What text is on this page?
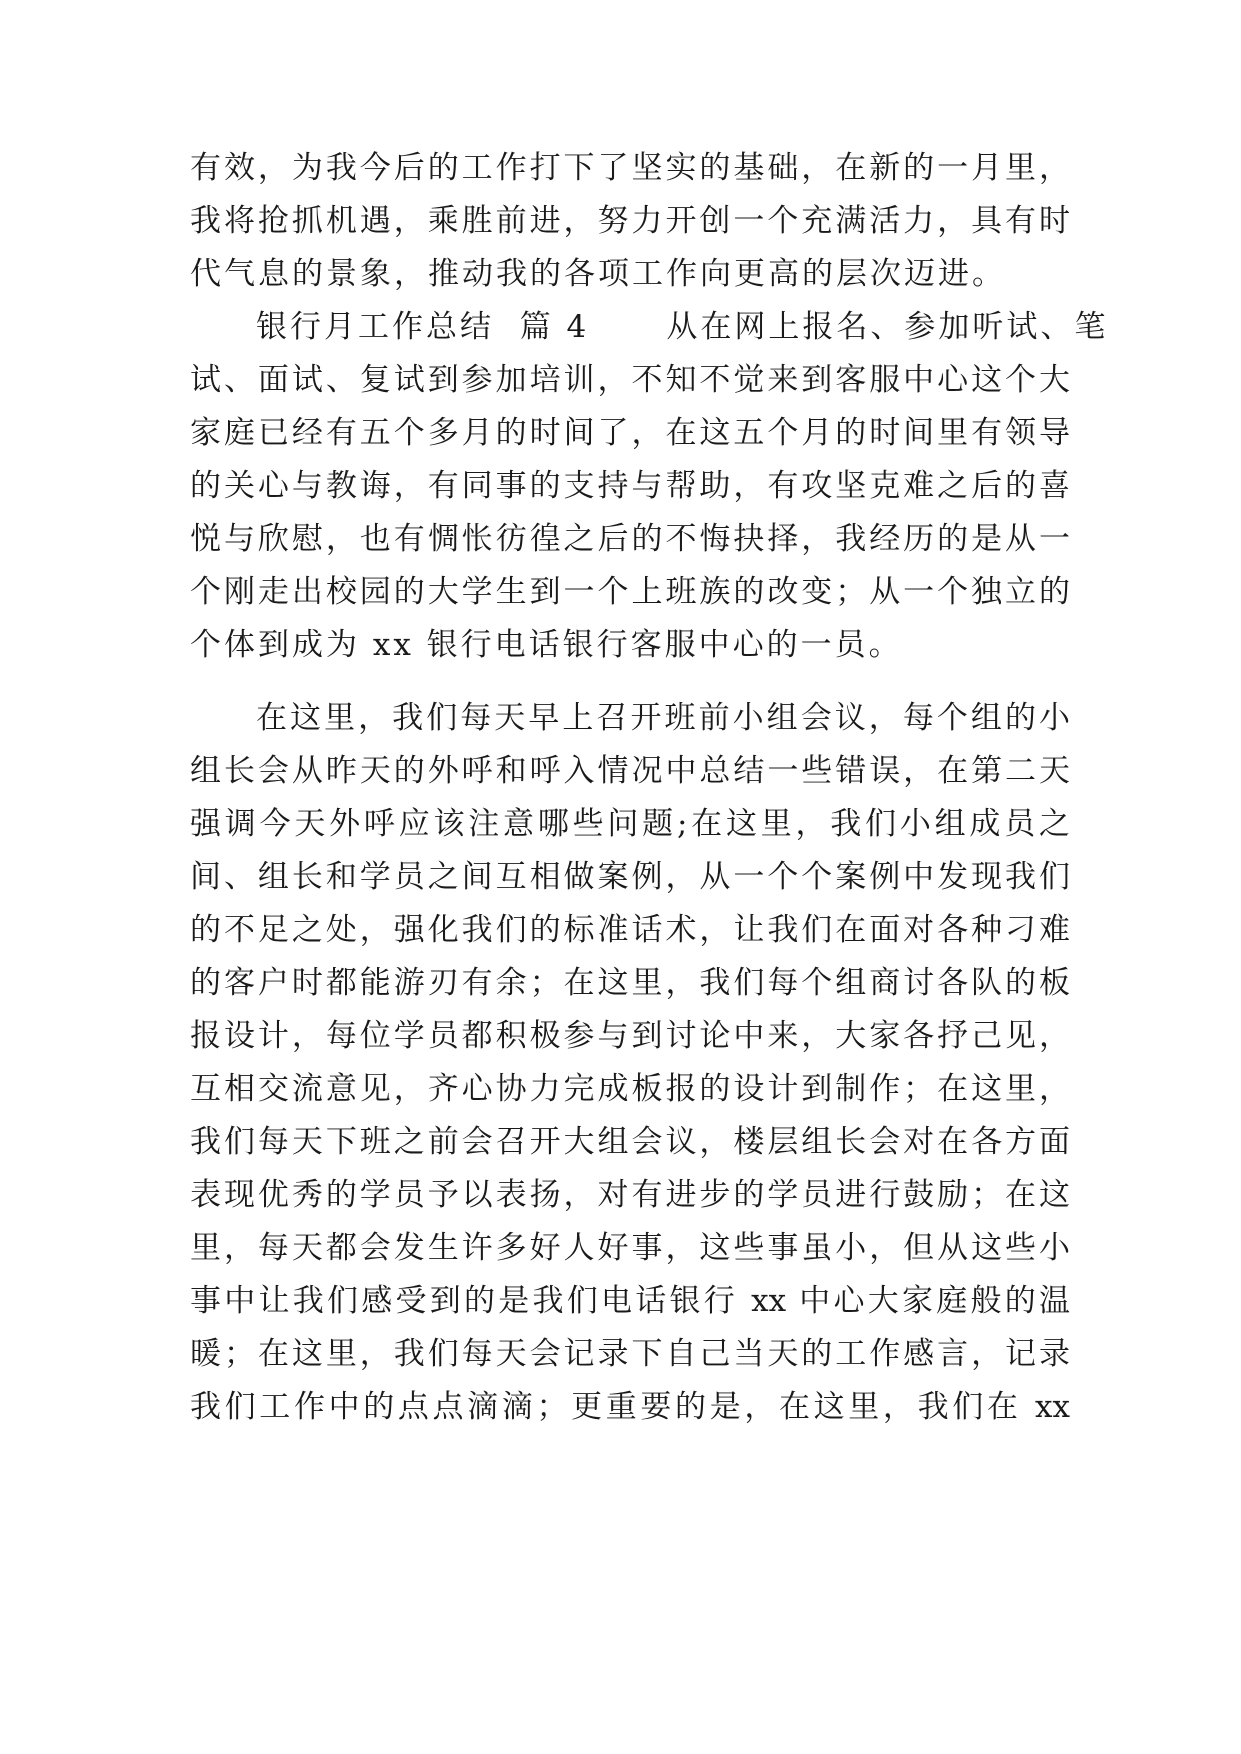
有效，为我今后的工作打下了坚实的基础，在新的一月里，
我将抢抓机遇，乘胜前进，努力开创一个充满活力，具有时
代气息的景象，推动我的各项工作向更高的层次迈进。
银行月工作总结  篇 4      从在网上报名、参加听试、笔
试、面试、复试到参加培训，不知不觉来到客服中心这个大
家庭已经有五个多月的时间了，在这五个月的时间里有领导
的关心与教诲，有同事的支持与帮助，有攻坚克难之后的喜
悦与欣慰，也有惆怅彷徨之后的不悔抉择，我经历的是从一
个刚走出校园的大学生到一个上班族的改变；从一个独立的
个体到成为 xx 银行电话银行客服中心的一员。
在这里，我们每天早上召开班前小组会议，每个组的小
组长会从昨天的外呼和呼入情况中总结一些错误，在第二天
强调今天外呼应该注意哪些问题;在这里，我们小组成员之
间、组长和学员之间互相做案例，从一个个案例中发现我们
的不足之处，强化我们的标准话术，让我们在面对各种刁难
的客户时都能游刃有余；在这里，我们每个组商讨各队的板
报设计，每位学员都积极参与到讨论中来，大家各抒己见，
互相交流意见，齐心协力完成板报的设计到制作；在这里，
我们每天下班之前会召开大组会议，楼层组长会对在各方面
表现优秀的学员予以表扬，对有进步的学员进行鼓励；在这
里，每天都会发生许多好人好事，这些事虽小，但从这些小
事中让我们感受到的是我们电话银行 xx 中心大家庭般的温
暖；在这里，我们每天会记录下自己当天的工作感言，记录
我们工作中的点点滴滴；更重要的是，在这里，我们在 xx
